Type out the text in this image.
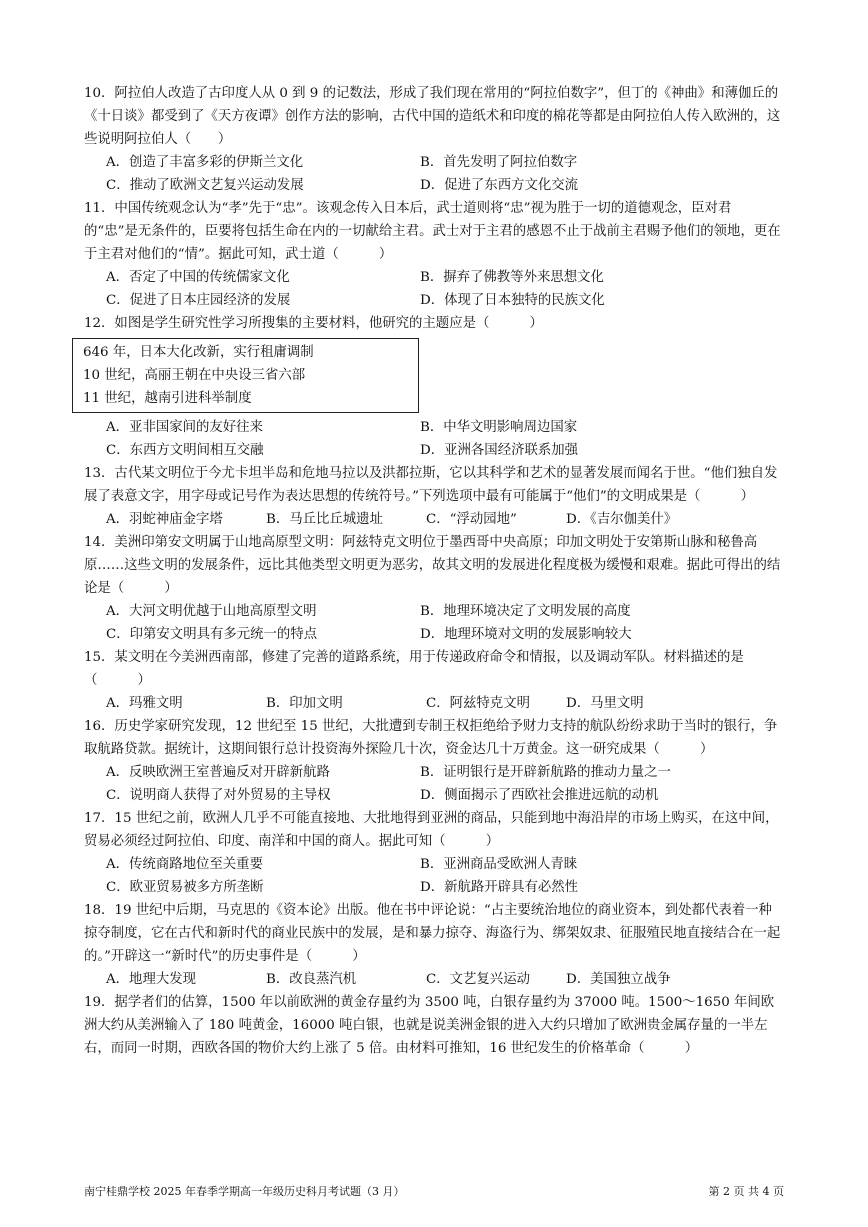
10．阿拉伯人改造了古印度人从 0 到 9 的记数法，形成了我们现在常用的“阿拉伯数字”，但丁的《神曲》和薄伽丘的《十日谈》都受到了《天方夜谭》创作方法的影响，古代中国的造纸术和印度的棉花等都是由阿拉伯人传入欧洲的，这些说明阿拉伯人（　　）

A．创造了丰富多彩的伊斯兰文化	B．首先发明了阿拉伯数字
C．推动了欧洲文艺复兴运动发展	D．促进了东西方文化交流

11．中国传统观念认为“孝”先于“忠”。该观念传入日本后，武士道则将“忠”视为胜于一切的道德观念，臣对君的“忠”是无条件的，臣要将包括生命在内的一切献给主君。武士对于主君的感恩不止于战前主君赐予他们的领地，更在于主君对他们的“情”。据此可知，武士道（　　　）

A．否定了中国的传统儒家文化	B．摒弃了佛教等外来思想文化
C．促进了日本庄园经济的发展	D．体现了日本独特的民族文化

12．如图是学生研究性学习所搜集的主要材料，他研究的主题应是（　　　）

646 年，日本大化改新，实行租庸调制
10 世纪，高丽王朝在中央设三省六部
11 世纪，越南引进科举制度
A．亚非国家间的友好往来	B．中华文明影响周边国家
C．东西方文明间相互交融	D．亚洲各国经济联系加强

13．古代某文明位于今尤卡坦半岛和危地马拉以及洪都拉斯，它以其科学和艺术的显著发展而闻名于世。“他们独自发展了表意文字，用字母或记号作为表达思想的传统符号。”下列选项中最有可能属于“他们”的文明成果是（　　　）

A．羽蛇神庙金字塔	B．马丘比丘城遗址	C．“浮动园地”	D．《吉尔伽美什》

14．美洲印第安文明属于山地高原型文明：阿兹特克文明位于墨西哥中央高原；印加文明处于安第斯山脉和秘鲁高原……这些文明的发展条件，远比其他类型文明更为恶劣，故其文明的发展进化程度极为缓慢和艰难。据此可得出的结论是（　　　）

A．大河文明优越于山地高原型文明	B．地理环境决定了文明发展的高度
C．印第安文明具有多元统一的特点	D．地理环境对文明的发展影响较大

15．某文明在今美洲西南部，修建了完善的道路系统，用于传递政府命令和情报，以及调动军队。材料描述的是（　　　）

A．玛雅文明	B．印加文明	C．阿兹特克文明	D．马里文明

16．历史学家研究发现，12 世纪至 15 世纪，大批遭到专制王权拒绝给予财力支持的航队纷纷求助于当时的银行，争取航路贷款。据统计，这期间银行总计投资海外探险几十次，资金达几十万黄金。这一研究成果（　　　）

A．反映欧洲王室普遍反对开辟新航路	B．证明银行是开辟新航路的推动力量之一
C．说明商人获得了对外贸易的主导权	D．侧面揭示了西欧社会推进远航的动机

17．15 世纪之前，欧洲人几乎不可能直接地、大批地得到亚洲的商品，只能到地中海沿岸的市场上购买，在这中间，贸易必须经过阿拉伯、印度、南洋和中国的商人。据此可知（　　　）

A．传统商路地位至关重要	B．亚洲商品受欧洲人青睐
C．欧亚贸易被多方所垄断	D．新航路开辟具有必然性

18．19 世纪中后期，马克思的《资本论》出版。他在书中评论说：“占主要统治地位的商业资本，到处都代表着一种掠夺制度，它在古代和新时代的商业民族中的发展，是和暴力掠夺、海盗行为、绑架奴隶、征服殖民地直接结合在一起的。”开辟这一“新时代”的历史事件是（　　　）

A．地理大发现	B．改良蒸汽机	C．文艺复兴运动	D．美国独立战争

19．据学者们的估算，1500 年以前欧洲的黄金存量约为 3500 吨，白银存量约为 37000 吨。1500～1650 年间欧洲大约从美洲输入了 180 吨黄金，16000 吨白银，也就是说美洲金银的进入大约只增加了欧洲贵金属存量的一半左右，而同一时期，西欧各国的物价大约上涨了 5 倍。由材料可推知，16 世纪发生的价格革命（　　　）

南宁桂鼎学校 2025 年春季学期高一年级历史科月考试题（3 月）	第 2 页 共 4 页
